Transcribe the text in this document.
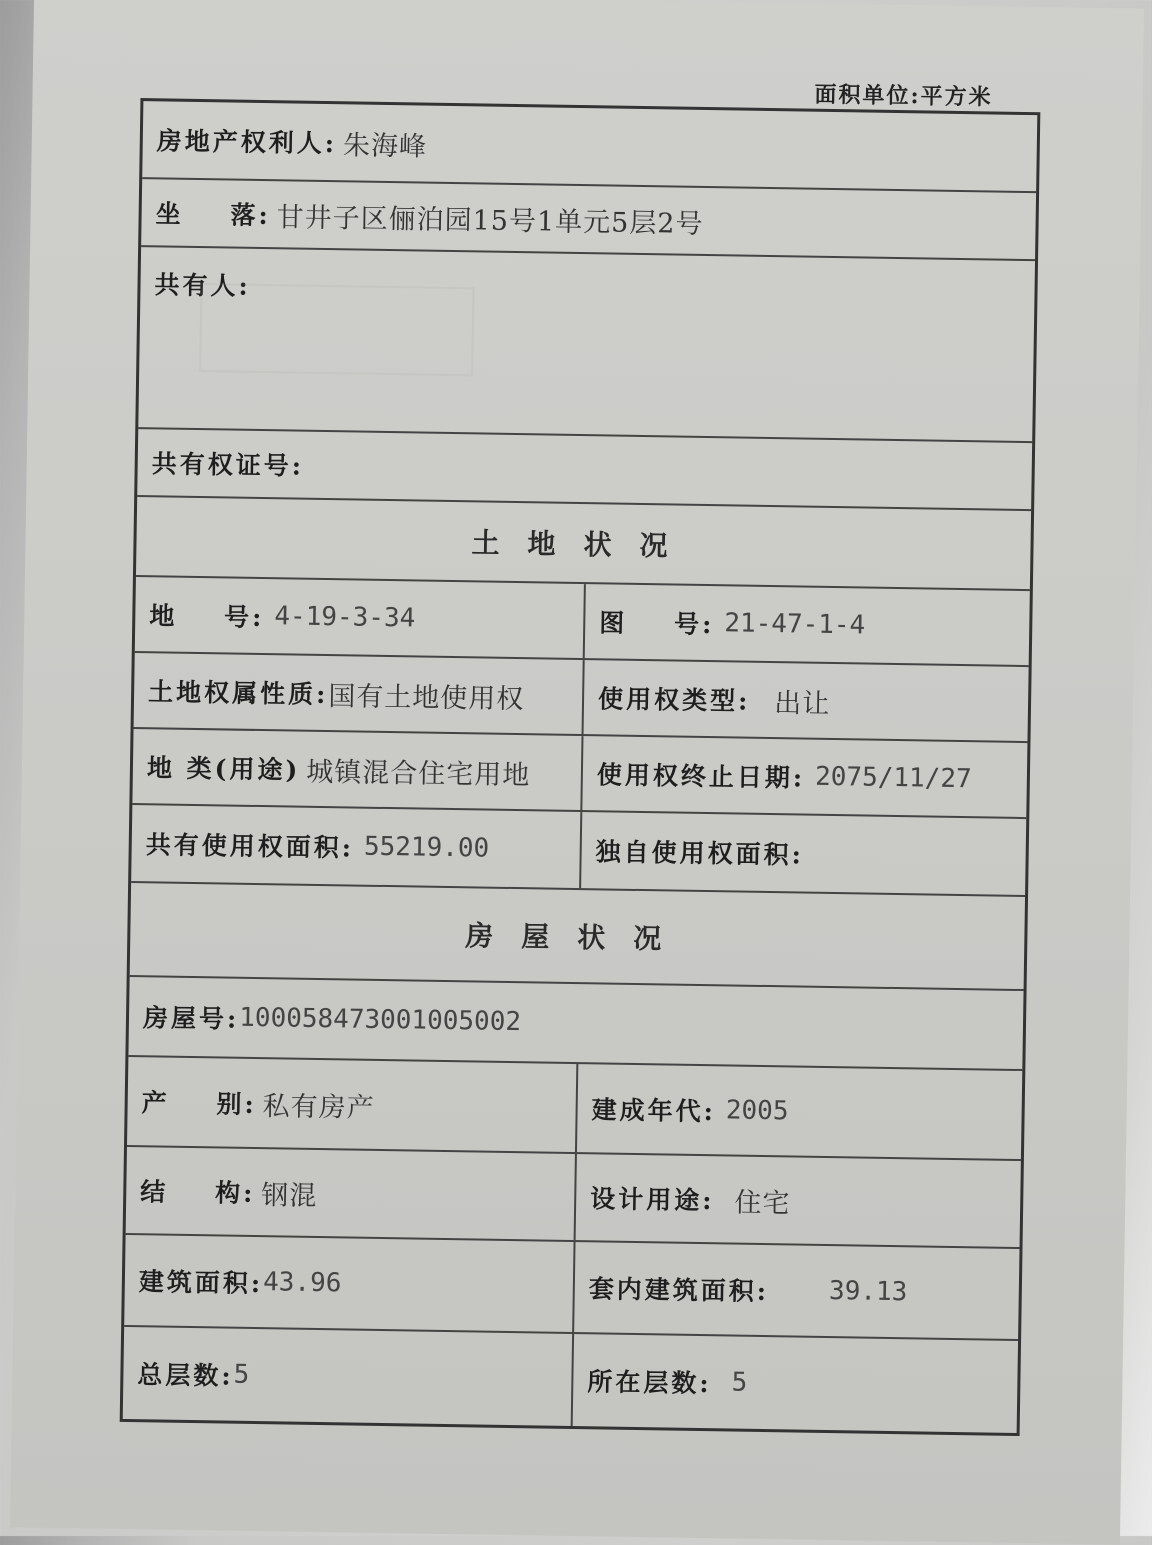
面积单位:平方米
房地产权利人: 朱海峰
坐    落: 甘井子区俪泊园15号1单元5层2号
共有人:
共有权证号:
土地状况
地    号: 4-19-3-34	图    号: 21-47-1-4
土地权属性质: 国有土地使用权	使用权类型: 出让
地 类(用途) 城镇混合住宅用地	使用权终止日期: 2075/11/27
共有使用权面积: 55219.00	独自使用权面积:
房屋状况
房屋号: 100058473001005002
产    别: 私有房产	建成年代: 2005
结    构: 钢混	设计用途: 住宅
建筑面积: 43.96	套内建筑面积: 39.13
总层数: 5	所在层数: 5
